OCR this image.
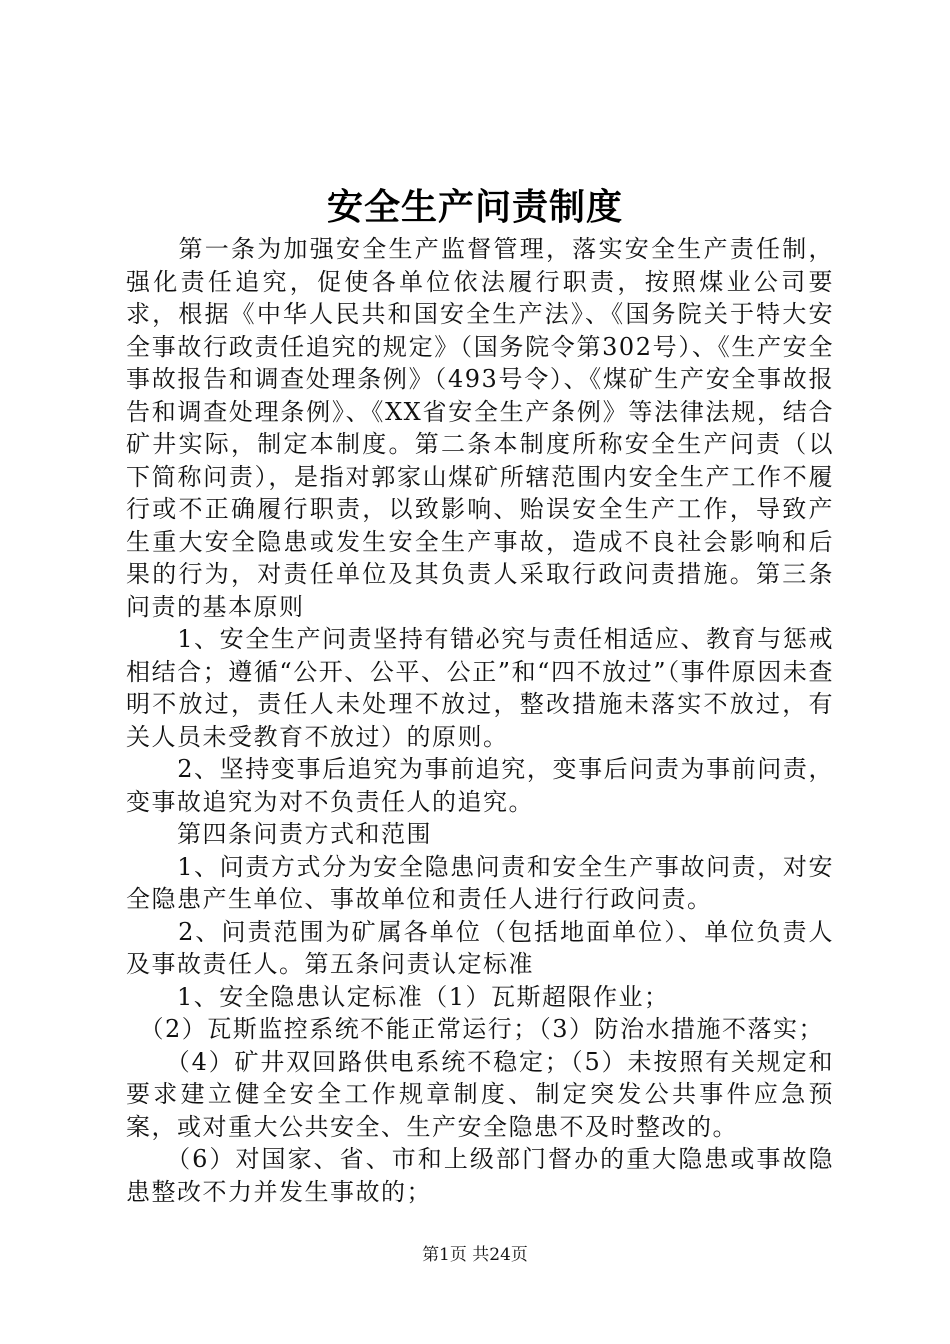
安全生产问责制度

　　第一条为加强安全生产监督管理，落实安全生产责任制，强化责任追究，促使各单位依法履行职责，按照煤业公司要求，根据《中华人民共和国安全生产法》、《国务院关于特大安全事故行政责任追究的规定》（国务院令第302号）、《生产安全事故报告和调查处理条例》（493号令）、《煤矿生产安全事故报告和调查处理条例》、《XX省安全生产条例》等法律法规，结合矿井实际，制定本制度。第二条本制度所称安全生产问责（以下简称问责），是指对郭家山煤矿所辖范围内安全生产工作不履行或不正确履行职责，以致影响、贻误安全生产工作，导致产生重大安全隐患或发生安全生产事故，造成不良社会影响和后果的行为，对责任单位及其负责人采取行政问责措施。第三条问责的基本原则

　　1、安全生产问责坚持有错必究与责任相适应、教育与惩戒相结合；遵循“公开、公平、公正”和“四不放过”（事件原因未查明不放过，责任人未处理不放过，整改措施未落实不放过，有关人员未受教育不放过）的原则。

　　2、坚持变事后追究为事前追究，变事后问责为事前问责，变事故追究为对不负责任人的追究。

　　第四条问责方式和范围

　　1、问责方式分为安全隐患问责和安全生产事故问责，对安全隐患产生单位、事故单位和责任人进行行政问责。

　　2、问责范围为矿属各单位（包括地面单位）、单位负责人及事故责任人。第五条问责认定标准

　　1、安全隐患认定标准（1）瓦斯超限作业；

　（2）瓦斯监控系统不能正常运行；（3）防治水措施不落实；

　　（4）矿井双回路供电系统不稳定；（5）未按照有关规定和要求建立健全安全工作规章制度、制定突发公共事件应急预案，或对重大公共安全、生产安全隐患不及时整改的。

　　（6）对国家、省、市和上级部门督办的重大隐患或事故隐患整改不力并发生事故的；

第1页 共24页
